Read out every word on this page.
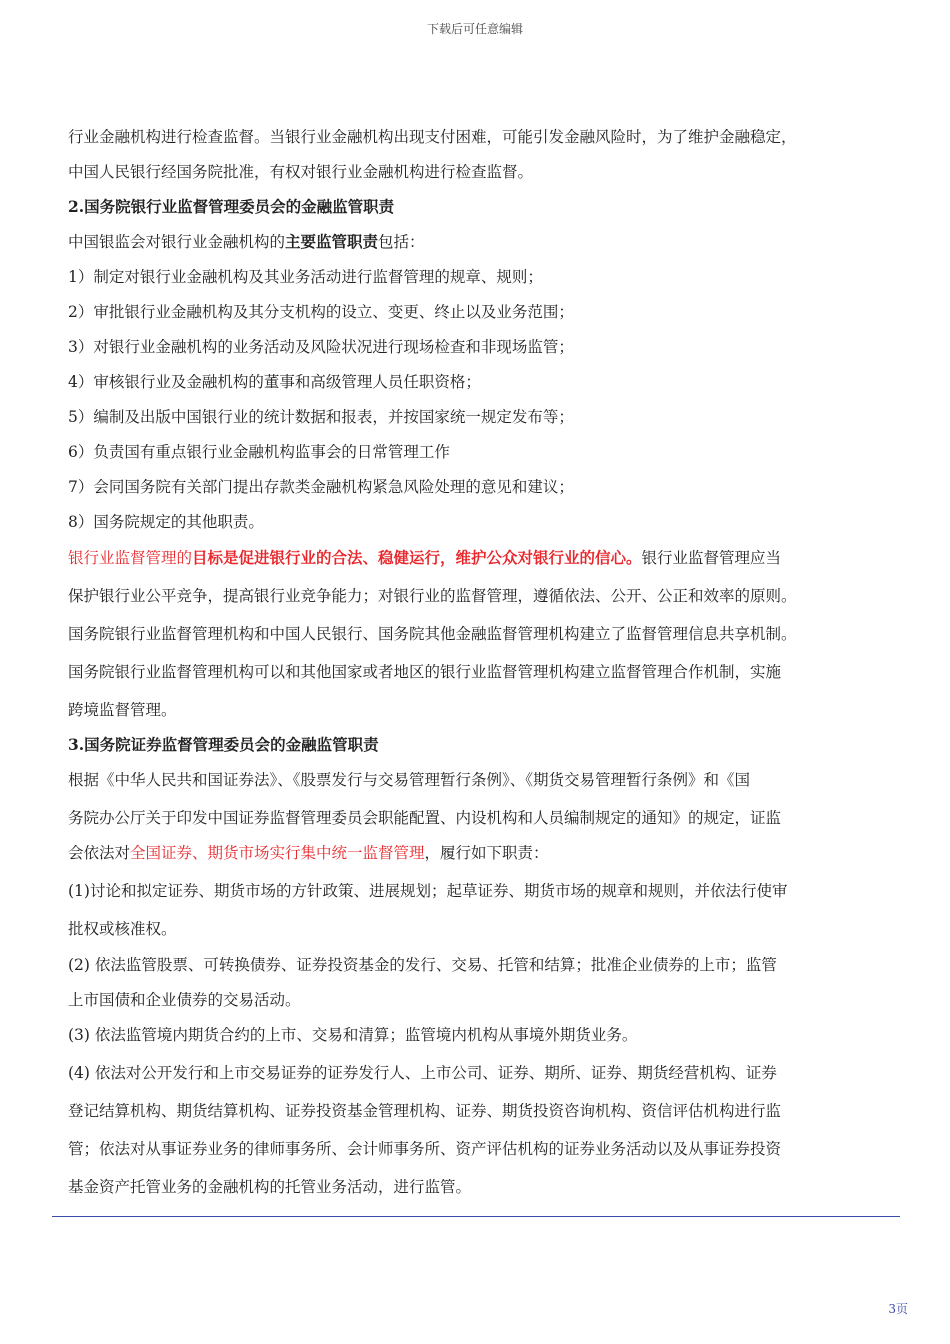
下载后可任意编辑

行业金融机构进行检查监督。当银行业金融机构出现支付困难，可能引发金融风险时，为了维护金融稳定，

中国人民银行经国务院批准，有权对银行业金融机构进行检查监督。

2.国务院银行业监督管理委员会的金融监管职责

中国银监会对银行业金融机构的主要监管职责包括：

1）制定对银行业金融机构及其业务活动进行监督管理的规章、规则；

2）审批银行业金融机构及其分支机构的设立、变更、终止以及业务范围；

3）对银行业金融机构的业务活动及风险状况进行现场检查和非现场监管；

4）审核银行业及金融机构的董事和高级管理人员任职资格；

5）编制及出版中国银行业的统计数据和报表，并按国家统一规定发布等；

6）负责国有重点银行业金融机构监事会的日常管理工作

7）会同国务院有关部门提出存款类金融机构紧急风险处理的意见和建议；

8）国务院规定的其他职责。

银行业监督管理的目标是促进银行业的合法、稳健运行，维护公众对银行业的信心。银行业监督管理应当

保护银行业公平竞争，提高银行业竞争能力；对银行业的监督管理，遵循依法、公开、公正和效率的原则。

国务院银行业监督管理机构和中国人民银行、国务院其他金融监督管理机构建立了监督管理信息共享机制。

国务院银行业监督管理机构可以和其他国家或者地区的银行业监督管理机构建立监督管理合作机制，实施

跨境监督管理。

3.国务院证券监督管理委员会的金融监管职责

根据《中华人民共和国证券法》、《股票发行与交易管理暂行条例》、《期货交易管理暂行条例》和《国

务院办公厅关于印发中国证券监督管理委员会职能配置、内设机构和人员编制规定的通知》的规定，证监

会依法对全国证券、期货市场实行集中统一监督管理，履行如下职责：

(1)讨论和拟定证券、期货市场的方针政策、进展规划；起草证券、期货市场的规章和规则，并依法行使审

批权或核准权。

(2) 依法监管股票、可转换债券、证券投资基金的发行、交易、托管和结算；批准企业债券的上市；监管

上市国债和企业债券的交易活动。

(3) 依法监管境内期货合约的上市、交易和清算；监管境内机构从事境外期货业务。

(4) 依法对公开发行和上市交易证券的证券发行人、上市公司、证券、期所、证券、期货经营机构、证券

登记结算机构、期货结算机构、证券投资基金管理机构、证券、期货投资咨询机构、资信评估机构进行监

管；依法对从事证券业务的律师事务所、会计师事务所、资产评估机构的证券业务活动以及从事证券投资

基金资产托管业务的金融机构的托管业务活动，进行监管。

3页
